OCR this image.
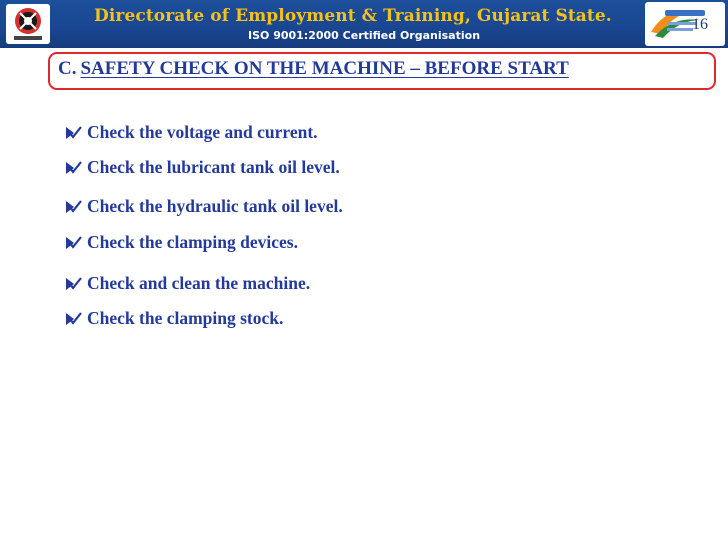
Directorate of Employment & Training, Gujarat State.
ISO 9001:2000 Certified Organisation
16
C. SAFETY CHECK ON THE MACHINE – BEFORE START
Check the voltage and current.
Check the lubricant tank oil level.
Check the hydraulic tank oil level.
Check the clamping devices.
Check and clean the machine.
Check the clamping stock.
